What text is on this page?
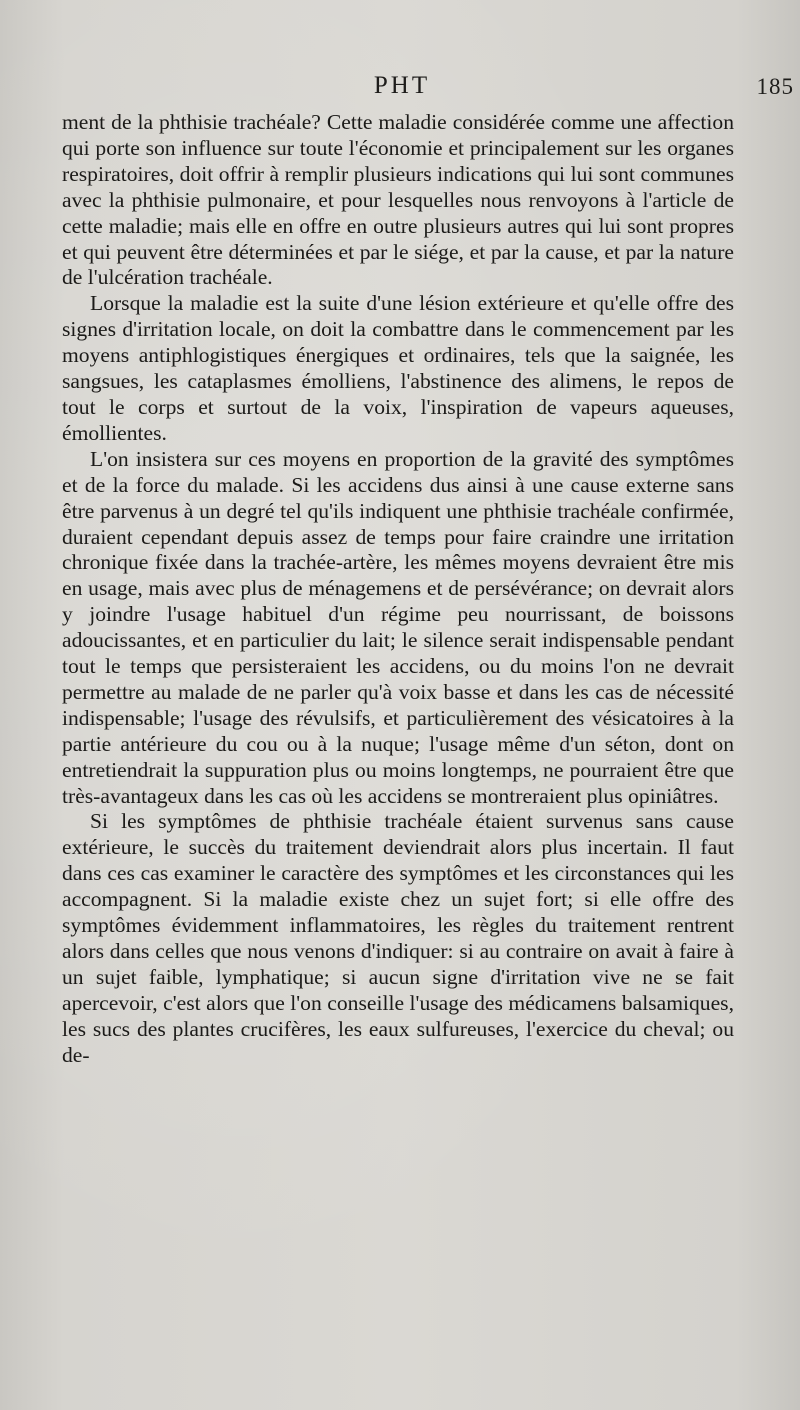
PHT	185

ment de la phthisie trachéale? Cette maladie considérée comme une affection qui porte son influence sur toute l'économie et principalement sur les organes respiratoires, doit offrir à remplir plusieurs indications qui lui sont communes avec la phthisie pulmonaire, et pour lesquelles nous renvoyons à l'article de cette maladie; mais elle en offre en outre plusieurs autres qui lui sont propres et qui peuvent être déterminées et par le siége, et par la cause, et par la nature de l'ulcération trachéale.

Lorsque la maladie est la suite d'une lésion extérieure et qu'elle offre des signes d'irritation locale, on doit la combattre dans le commencement par les moyens antiphlogistiques énergiques et ordinaires, tels que la saignée, les sangsues, les cataplasmes émolliens, l'abstinence des alimens, le repos de tout le corps et surtout de la voix, l'inspiration de vapeurs aqueuses, émollientes.

L'on insistera sur ces moyens en proportion de la gravité des symptômes et de la force du malade. Si les accidens dus ainsi à une cause externe sans être parvenus à un degré tel qu'ils indiquent une phthisie trachéale confirmée, duraient cependant depuis assez de temps pour faire craindre une irritation chronique fixée dans la trachée-artère, les mêmes moyens devraient être mis en usage, mais avec plus de ménagemens et de persévérance; on devrait alors y joindre l'usage habituel d'un régime peu nourrissant, de boissons adoucissantes, et en particulier du lait; le silence serait indispensable pendant tout le temps que persisteraient les accidens, ou du moins l'on ne devrait permettre au malade de ne parler qu'à voix basse et dans les cas de nécessité indispensable; l'usage des révulsifs, et particulièrement des vésicatoires à la partie antérieure du cou ou à la nuque; l'usage même d'un séton, dont on entretiendrait la suppuration plus ou moins longtemps, ne pourraient être que très-avantageux dans les cas où les accidens se montreraient plus opiniâtres.

Si les symptômes de phthisie trachéale étaient survenus sans cause extérieure, le succès du traitement deviendrait alors plus incertain. Il faut dans ces cas examiner le caractère des symptômes et les circonstances qui les accompagnent. Si la maladie existe chez un sujet fort; si elle offre des symptômes évidemment inflammatoires, les règles du traitement rentrent alors dans celles que nous venons d'indiquer: si au contraire on avait à faire à un sujet faible, lymphatique; si aucun signe d'irritation vive ne se fait apercevoir, c'est alors que l'on conseille l'usage des médicamens balsamiques, les sucs des plantes crucifères, les eaux sulfureuses, l'exercice du cheval; ou de-
